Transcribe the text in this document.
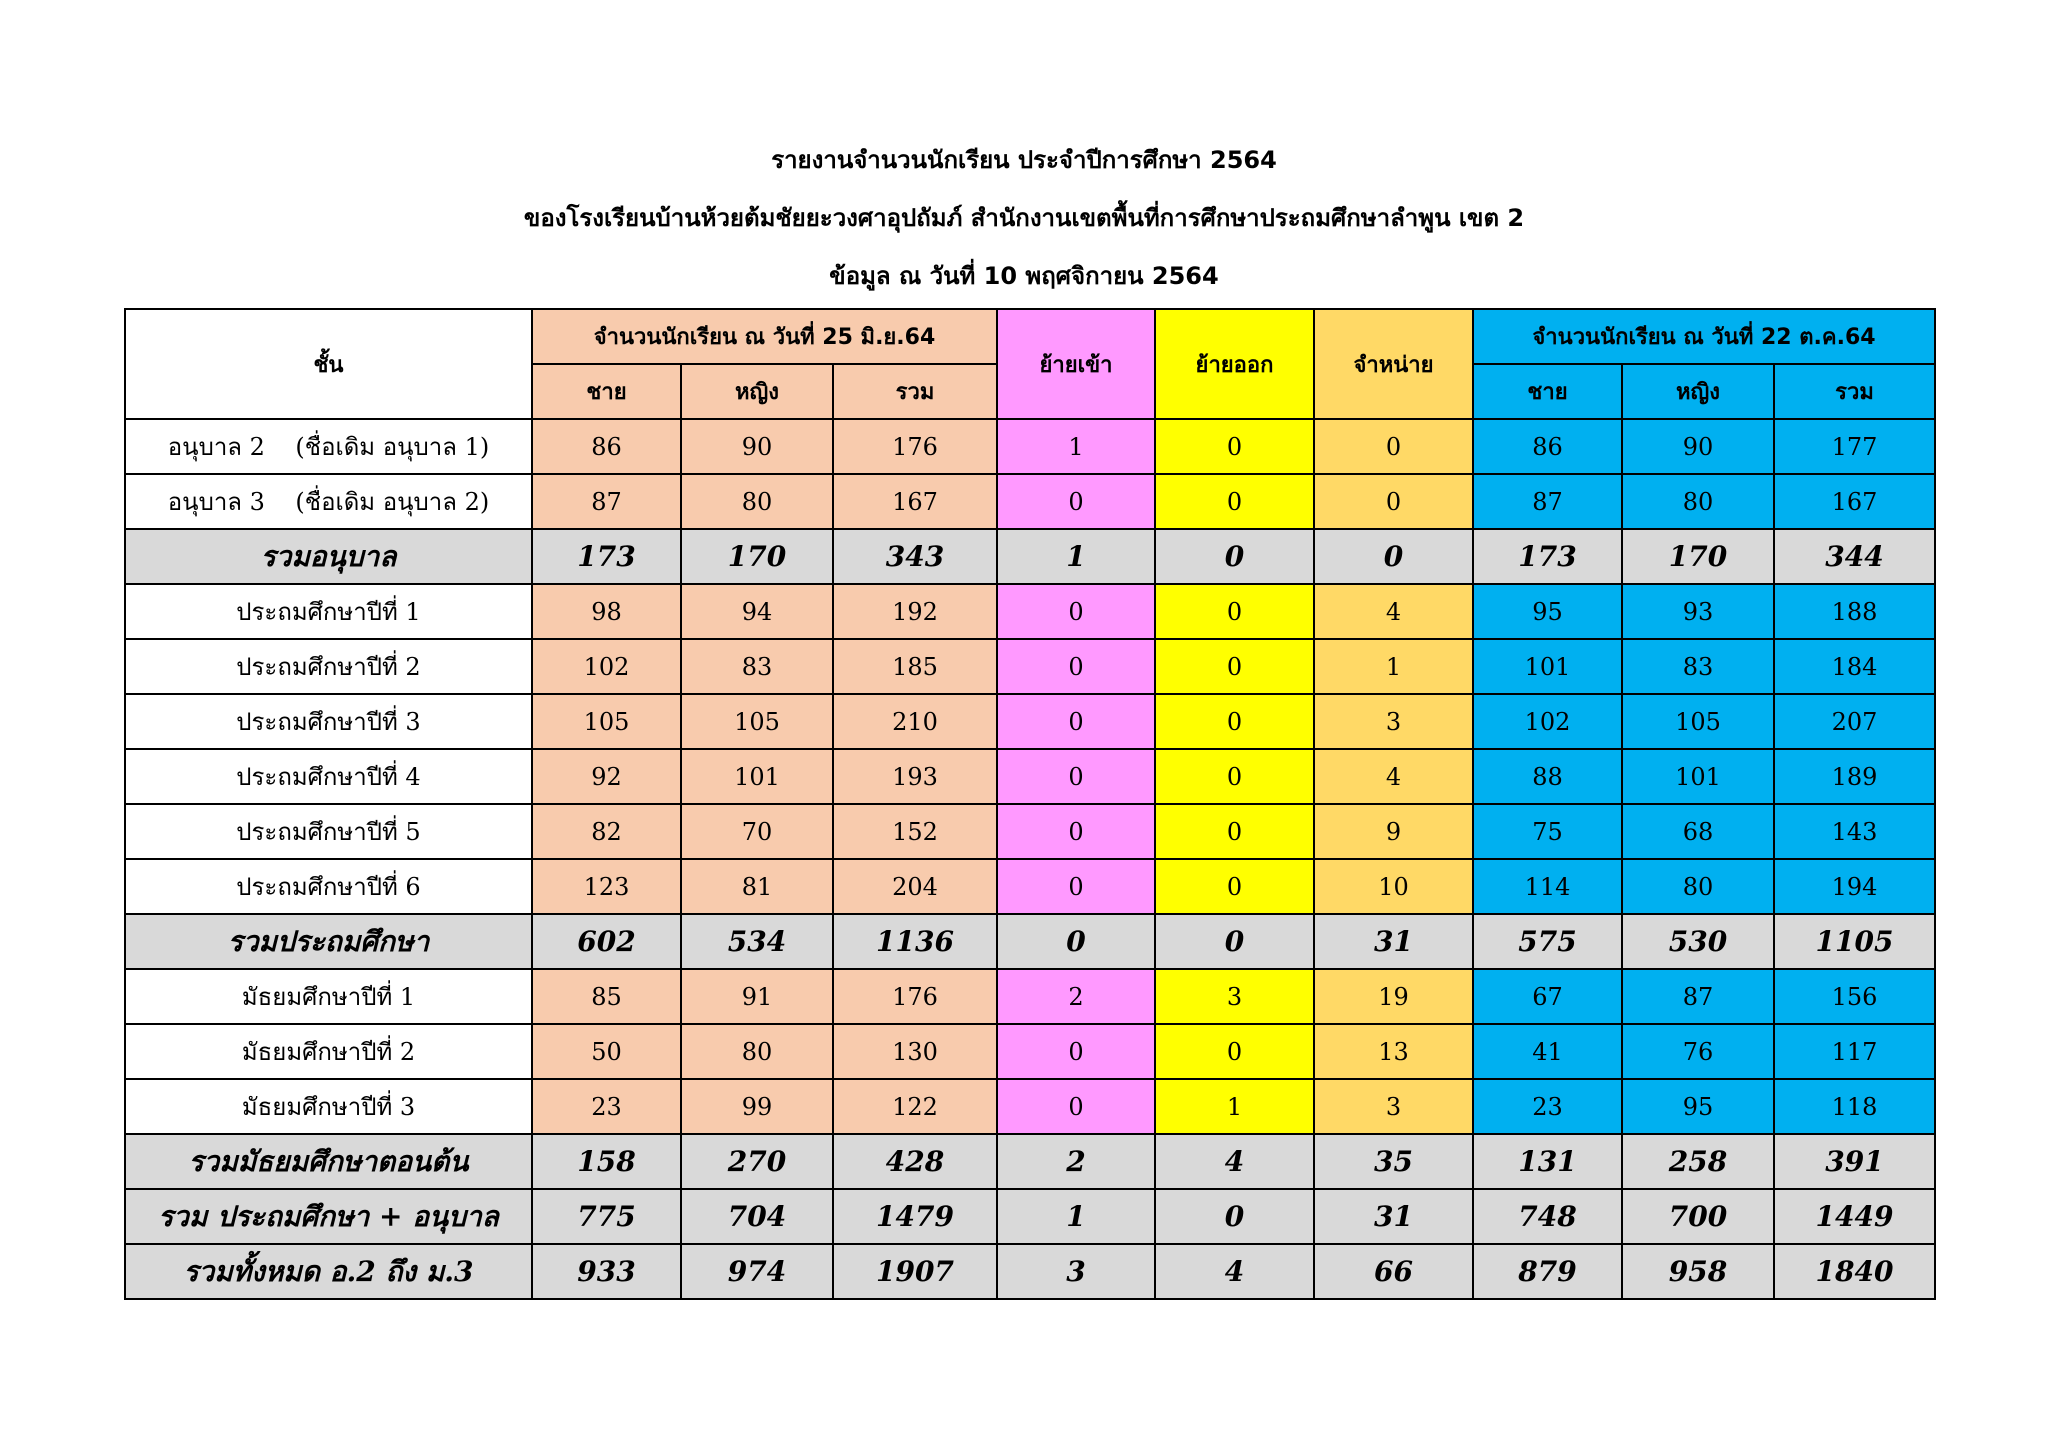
รายงานจำนวนนักเรียน ประจำปีการศึกษา 2564
ของโรงเรียนบ้านห้วยต้มชัยยะวงศาอุปถัมภ์ สำนักงานเขตพื้นที่การศึกษาประถมศึกษาลำพูน เขต 2
ข้อมูล ณ วันที่ 10 พฤศจิกายน 2564
ชั้น	จำนวนนักเรียน ณ วันที่ 25 มิ.ย.64			ย้ายเข้า	ย้ายออก	จำหน่าย	จำนวนนักเรียน ณ วันที่ 22 ต.ค.64		
	ชาย	หญิง	รวม				ชาย	หญิง	รวม
อนุบาล 2    (ชื่อเดิม อนุบาล 1)	86	90	176	1	0	0	86	90	177
อนุบาล 3    (ชื่อเดิม อนุบาล 2)	87	80	167	0	0	0	87	80	167
รวมอนุบาล	173	170	343	1	0	0	173	170	344
ประถมศึกษาปีที่ 1	98	94	192	0	0	4	95	93	188
ประถมศึกษาปีที่ 2	102	83	185	0	0	1	101	83	184
ประถมศึกษาปีที่ 3	105	105	210	0	0	3	102	105	207
ประถมศึกษาปีที่ 4	92	101	193	0	0	4	88	101	189
ประถมศึกษาปีที่ 5	82	70	152	0	0	9	75	68	143
ประถมศึกษาปีที่ 6	123	81	204	0	0	10	114	80	194
รวมประถมศึกษา	602	534	1136	0	0	31	575	530	1105
มัธยมศึกษาปีที่ 1	85	91	176	2	3	19	67	87	156
มัธยมศึกษาปีที่ 2	50	80	130	0	0	13	41	76	117
มัธยมศึกษาปีที่ 3	23	99	122	0	1	3	23	95	118
รวมมัธยมศึกษาตอนต้น	158	270	428	2	4	35	131	258	391
รวม ประถมศึกษา + อนุบาล	775	704	1479	1	0	31	748	700	1449
รวมทั้งหมด อ.2 ถึง ม.3	933	974	1907	3	4	66	879	958	1840
